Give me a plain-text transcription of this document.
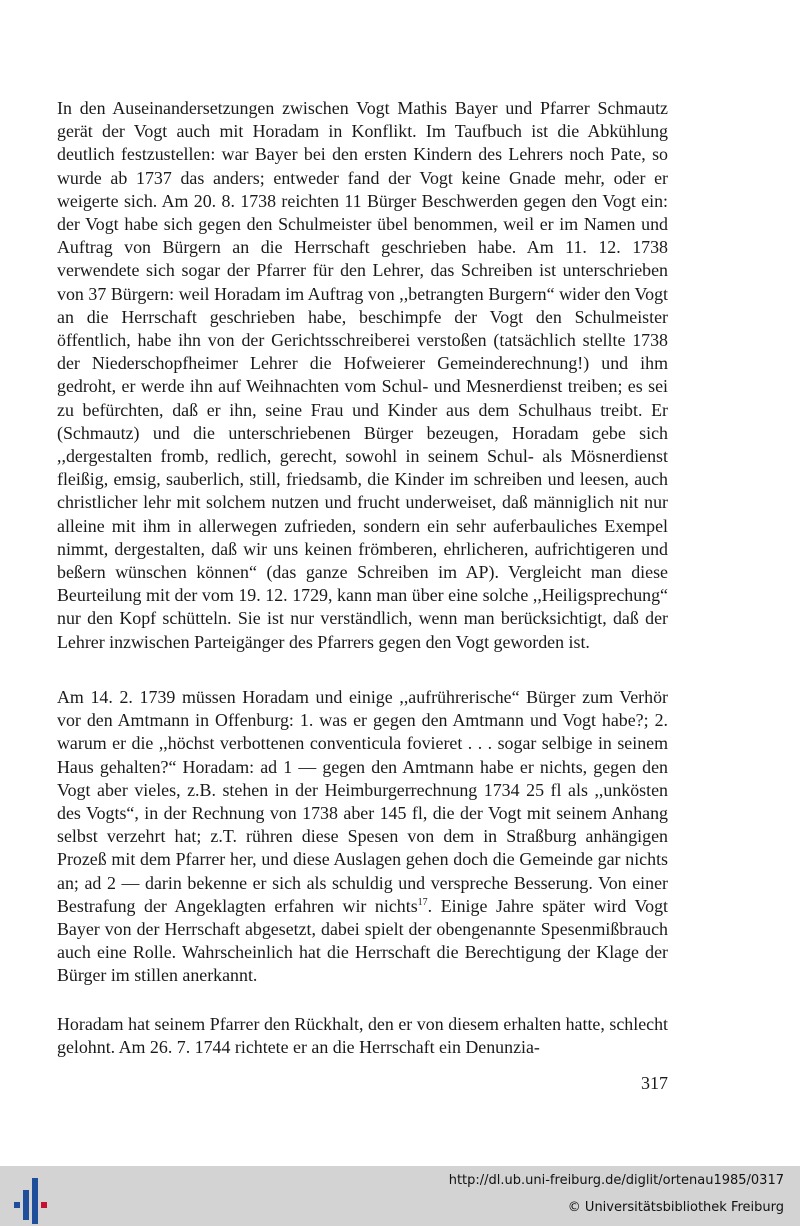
In den Auseinandersetzungen zwischen Vogt Mathis Bayer und Pfarrer Schmautz gerät der Vogt auch mit Horadam in Konflikt. Im Taufbuch ist die Abkühlung deutlich festzustellen: war Bayer bei den ersten Kindern des Lehrers noch Pate, so wurde ab 1737 das anders; entweder fand der Vogt keine Gnade mehr, oder er weigerte sich. Am 20. 8. 1738 reichten 11 Bürger Beschwerden gegen den Vogt ein: der Vogt habe sich gegen den Schulmeister übel benommen, weil er im Namen und Auftrag von Bürgern an die Herrschaft geschrieben habe. Am 11. 12. 1738 verwendete sich sogar der Pfarrer für den Lehrer, das Schreiben ist unterschrieben von 37 Bürgern: weil Horadam im Auftrag von ,,betrangten Burgern“ wider den Vogt an die Herrschaft geschrieben habe, beschimpfe der Vogt den Schulmeister öffentlich, habe ihn von der Gerichtsschreiberei verstoßen (tatsächlich stellte 1738 der Niederschopfheimer Lehrer die Hofweierer Gemeinderechnung!) und ihm gedroht, er werde ihn auf Weihnachten vom Schul- und Mesnerdienst treiben; es sei zu befürchten, daß er ihn, seine Frau und Kinder aus dem Schulhaus treibt. Er (Schmautz) und die unterschriebenen Bürger bezeugen, Horadam gebe sich ,,dergestalten fromb, redlich, gerecht, sowohl in seinem Schul- als Mösnerdienst fleißig, emsig, sauberlich, still, friedsamb, die Kinder im schreiben und leesen, auch christlicher lehr mit solchem nutzen und frucht underweiset, daß männiglich nit nur alleine mit ihm in allerwegen zufrieden, sondern ein sehr auferbauliches Exempel nimmt, dergestalten, daß wir uns keinen frömberen, ehrlicheren, aufrichtigeren und beßern wünschen können“ (das ganze Schreiben im AP). Vergleicht man diese Beurteilung mit der vom 19. 12. 1729, kann man über eine solche ,,Heiligsprechung“ nur den Kopf schütteln. Sie ist nur verständlich, wenn man berücksichtigt, daß der Lehrer inzwischen Parteigänger des Pfarrers gegen den Vogt geworden ist.

Am 14. 2. 1739 müssen Horadam und einige ,,aufrührerische“ Bürger zum Verhör vor den Amtmann in Offenburg: 1. was er gegen den Amtmann und Vogt habe?; 2. warum er die ,,höchst verbottenen conventicula fovieret . . . sogar selbige in seinem Haus gehalten?“ Horadam: ad 1 — gegen den Amtmann habe er nichts, gegen den Vogt aber vieles, z.B. stehen in der Heimburgerrechnung 1734 25 fl als ,,unkösten des Vogts“, in der Rechnung von 1738 aber 145 fl, die der Vogt mit seinem Anhang selbst verzehrt hat; z.T. rühren diese Spesen von dem in Straßburg anhängigen Prozeß mit dem Pfarrer her, und diese Auslagen gehen doch die Gemeinde gar nichts an; ad 2 — darin bekenne er sich als schuldig und verspreche Besserung. Von einer Bestrafung der Angeklagten erfahren wir nichts$^{17}$. Einige Jahre später wird Vogt Bayer von der Herrschaft abgesetzt, dabei spielt der obengenannte Spesenmißbrauch auch eine Rolle. Wahrscheinlich hat die Herrschaft die Berechtigung der Klage der Bürger im stillen anerkannt.

Horadam hat seinem Pfarrer den Rückhalt, den er von diesem erhalten hatte, schlecht gelohnt. Am 26. 7. 1744 richtete er an die Herrschaft ein Denunzia-

317
http://dl.ub.uni-freiburg.de/diglit/ortenau1985/0317
© Universitätsbibliothek Freiburg
